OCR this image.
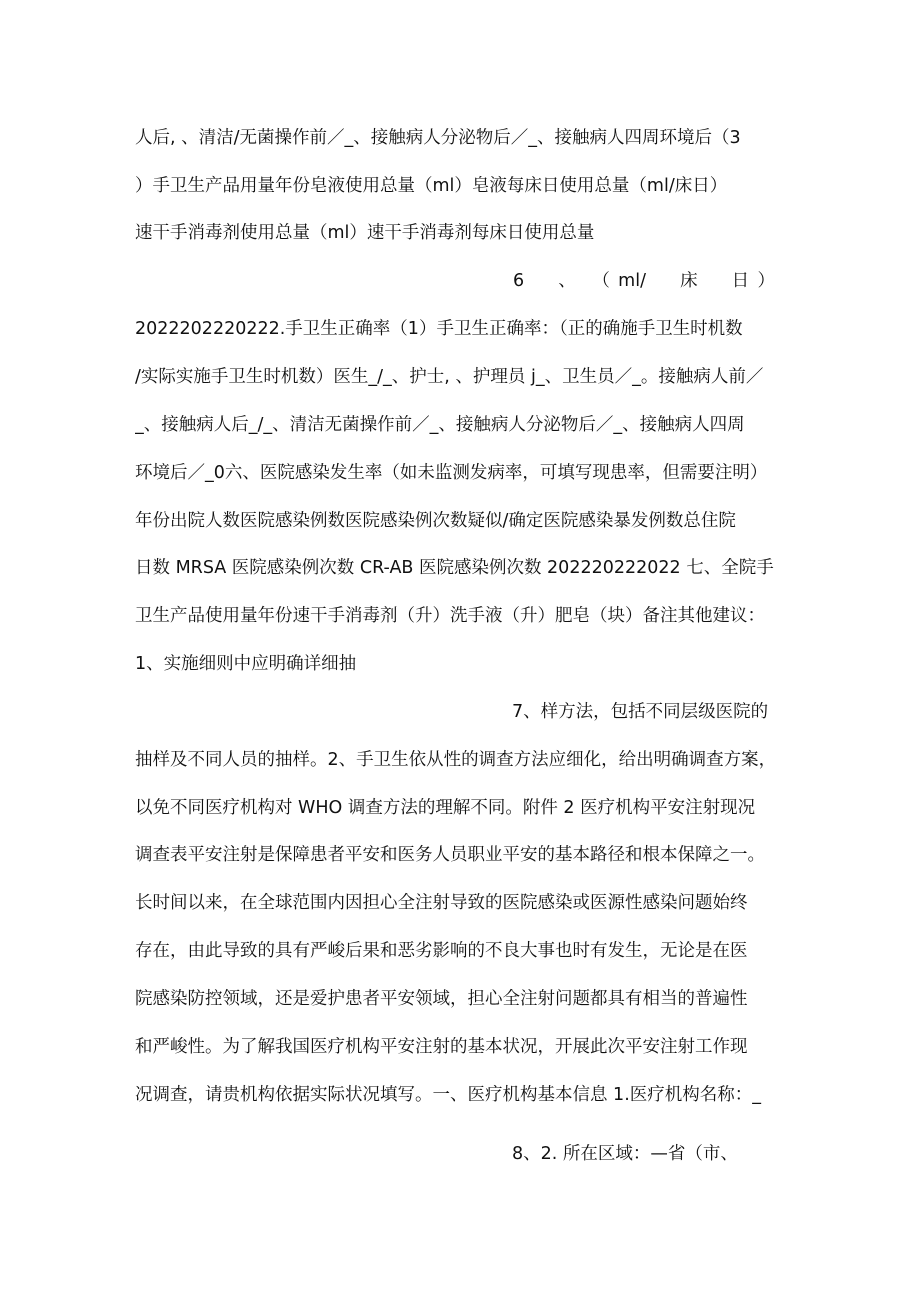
人后, 、清洁/无菌操作前／_、接触病人分泌物后／_、接触病人四周环境后（3
）手卫生产品用量年份皂液使用总量（ml）皂液每床日使用总量（ml/床日）
速干手消毒剂使用总量（ml）速干手消毒剂每床日使用总量
6　、　（ml/　床　日）
2022202220222.手卫生正确率（1）手卫生正确率：（正的确施手卫生时机数
/实际实施手卫生时机数）医生_/_、护士, 、护理员 j_、卫生员／_。接触病人前／
_、接触病人后_/_、清洁无菌操作前／_、接触病人分泌物后／_、接触病人四周
环境后／_0六、医院感染发生率（如未监测发病率，可填写现患率，但需要注明）
年份出院人数医院感染例数医院感染例次数疑似/确定医院感染暴发例数总住院
日数 MRSA 医院感染例次数 CR-AB 医院感染例次数 202220222022 七、全院手
卫生产品使用量年份速干手消毒剂（升）洗手液（升）肥皂（块）备注其他建议：
1、实施细则中应明确详细抽
7、样方法，包括不同层级医院的
抽样及不同人员的抽样。2、手卫生依从性的调查方法应细化，给出明确调查方案，
以免不同医疗机构对 WHO 调查方法的理解不同。附件 2 医疗机构平安注射现况
调查表平安注射是保障患者平安和医务人员职业平安的基本路径和根本保障之一。
长时间以来，在全球范围内因担心全注射导致的医院感染或医源性感染问题始终
存在，由此导致的具有严峻后果和恶劣影响的不良大事也时有发生，无论是在医
院感染防控领域，还是爱护患者平安领域，担心全注射问题都具有相当的普遍性
和严峻性。为了解我国医疗机构平安注射的基本状况，开展此次平安注射工作现
况调查，请贵机构依据实际状况填写。一、医疗机构基本信息 1.医疗机构名称：_
8、2. 所在区域：—省（市、
